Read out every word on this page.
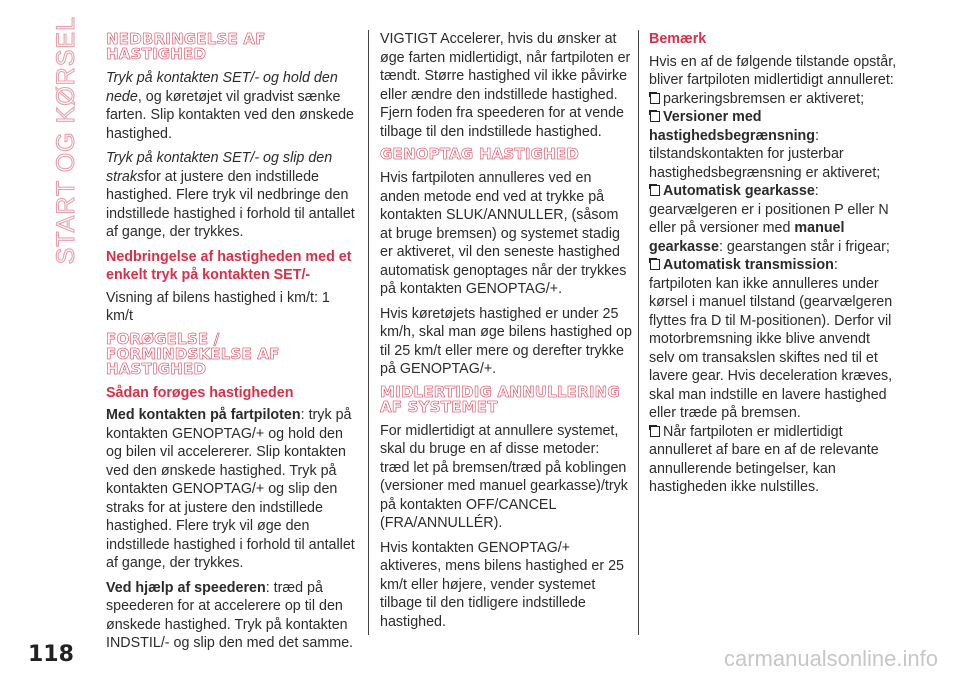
START OG KØRSEL
118
NEDBRINGELSE AF HASTIGHED

Tryk på kontakten SET/- og hold den nede, og køretøjet vil gradvist sænke farten. Slip kontakten ved den ønskede hastighed.

Tryk på kontakten SET/- og slip den straksfor at justere den indstillede hastighed. Flere tryk vil nedbringe den indstillede hastighed i forhold til antallet af gange, der trykkes.

Nedbringelse af hastigheden med et enkelt tryk på kontakten SET/-

Visning af bilens hastighed i km/t: 1 km/t

FORØGELSE / FORMINDSKELSE AF HASTIGHED
Sådan forøges hastigheden

Med kontakten på fartpiloten: tryk på kontakten GENOPTAG/+ og hold den og bilen vil accelererer. Slip kontakten ved den ønskede hastighed. Tryk på kontakten GENOPTAG/+ og slip den straks for at justere den indstillede hastighed. Flere tryk vil øge den indstillede hastighed i forhold til antallet af gange, der trykkes.

Ved hjælp af speederen: træd på speederen for at accelerere op til den ønskede hastighed. Tryk på kontakten INDSTIL/- og slip den med det samme.

VIGTIGT Accelerer, hvis du ønsker at øge farten midlertidigt, når fartpiloten er tændt. Større hastighed vil ikke påvirke eller ændre den indstillede hastighed. Fjern foden fra speederen for at vende tilbage til den indstillede hastighed.

GENOPTAG HASTIGHED

Hvis fartpiloten annulleres ved en anden metode end ved at trykke på kontakten SLUK/ANNULLER, (såsom at bruge bremsen) og systemet stadig er aktiveret, vil den seneste hastighed automatisk genoptages når der trykkes på kontakten GENOPTAG/+.

Hvis køretøjets hastighed er under 25 km/h, skal man øge bilens hastighed op til 25 km/t eller mere og derefter trykke på GENOPTAG/+.

MIDLERTIDIG ANNULLERING AF SYSTEMET

For midlertidigt at annullere systemet, skal du bruge en af disse metoder: træd let på bremsen/træd på koblingen (versioner med manuel gearkasse)/tryk på kontakten OFF/CANCEL (FRA/ANNULLÉR).

Hvis kontakten GENOPTAG/+ aktiveres, mens bilens hastighed er 25 km/t eller højere, vender systemet tilbage til den tidligere indstillede hastighed.

Bemærk

Hvis en af de følgende tilstande opstår, bliver fartpiloten midlertidigt annulleret:

parkeringsbremsen er aktiveret;
Versioner med hastighedsbegrænsning: tilstandskontakten for justerbar hastighedsbegrænsning er aktiveret;
Automatisk gearkasse: gearvælgeren er i positionen P eller N eller på versioner med manuel gearkasse: gearstangen står i frigear;
Automatisk transmission: fartpiloten kan ikke annulleres under kørsel i manuel tilstand (gearvælgeren flyttes fra D til M-positionen). Derfor vil motorbremsning ikke blive anvendt selv om transakslen skiftes ned til et lavere gear. Hvis deceleration kræves, skal man indstille en lavere hastighed eller træde på bremsen.
Når fartpiloten er midlertidigt annulleret af bare en af de relevante annullerende betingelser, kan hastigheden ikke nulstilles.
carmanualsonline.info
